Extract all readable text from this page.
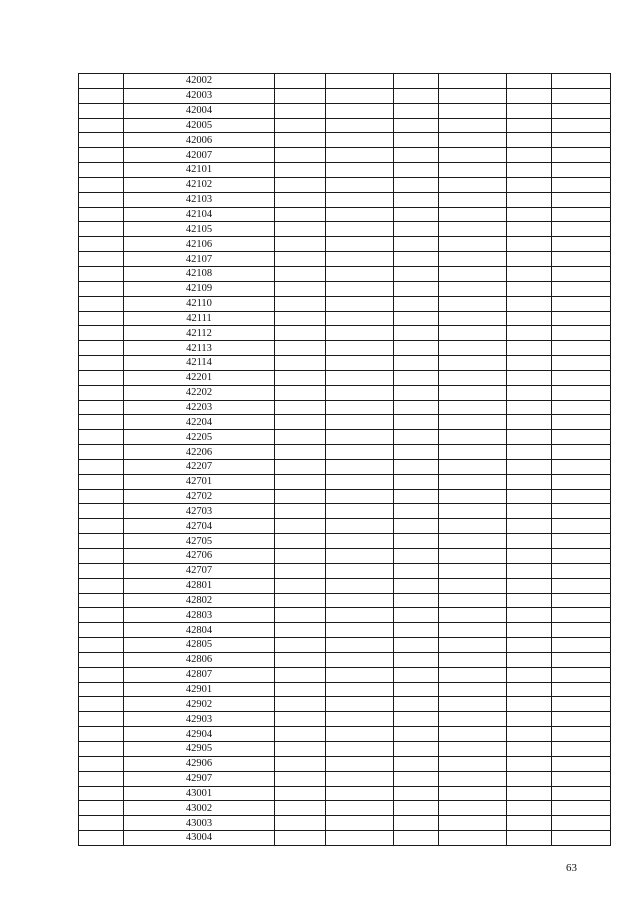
	42002						
	42003						
	42004						
	42005						
	42006						
	42007						
	42101						
	42102						
	42103						
	42104						
	42105						
	42106						
	42107						
	42108						
	42109						
	42110						
	42111						
	42112						
	42113						
	42114						
	42201						
	42202						
	42203						
	42204						
	42205						
	42206						
	42207						
	42701						
	42702						
	42703						
	42704						
	42705						
	42706						
	42707						
	42801						
	42802						
	42803						
	42804						
	42805						
	42806						
	42807						
	42901						
	42902						
	42903						
	42904						
	42905						
	42906						
	42907						
	43001						
	43002						
	43003						
	43004						
63
